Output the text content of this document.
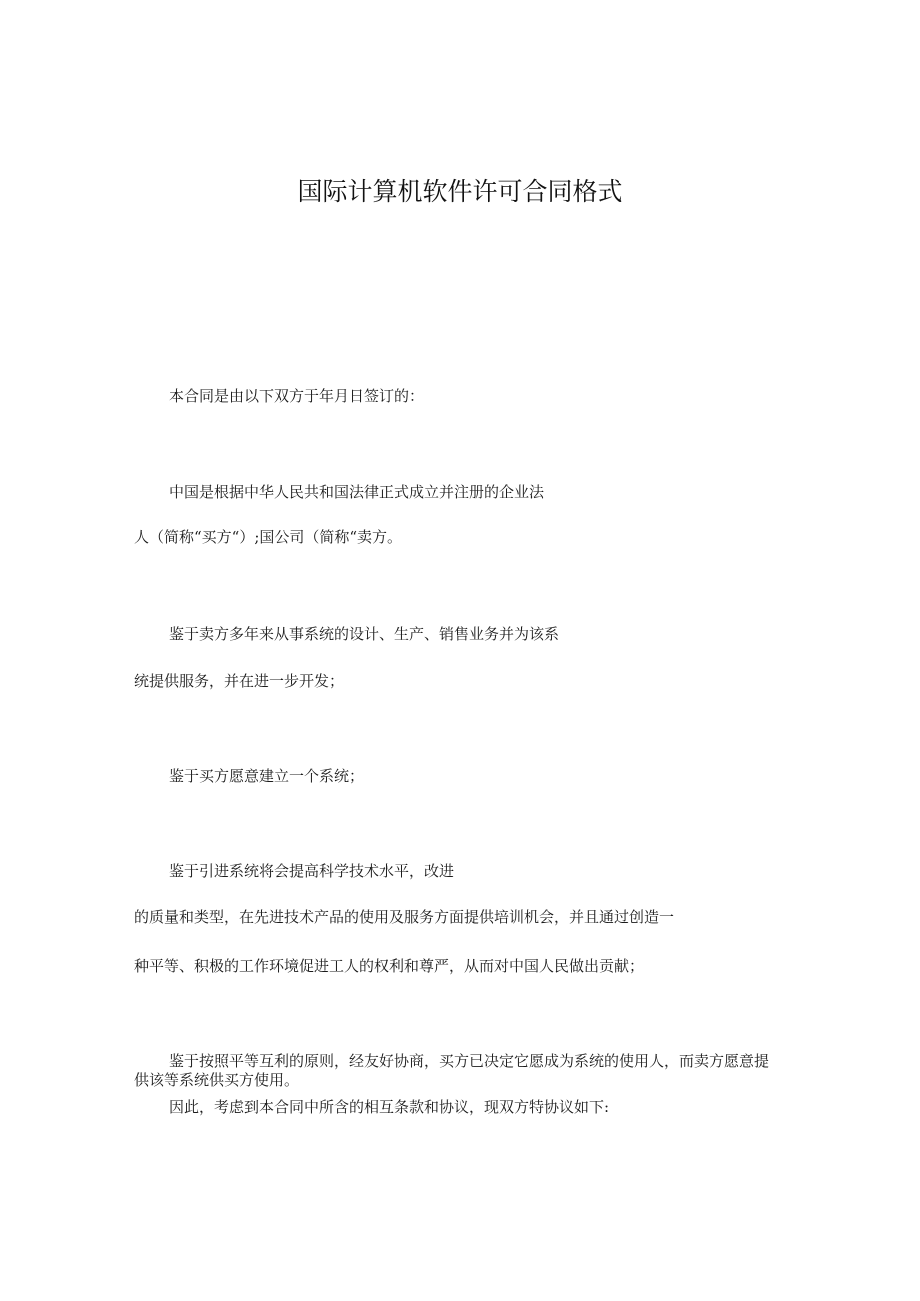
国际计算机软件许可合同格式

本合同是由以下双方于年月日签订的：

中国是根据中华人民共和国法律正式成立并注册的企业法

人（简称“买方“）;国公司（简称“卖方。

鉴于卖方多年来从事系统的设计、生产、销售业务并为该系

统提供服务，并在进一步开发；

鉴于买方愿意建立一个系统；

鉴于引进系统将会提高科学技术水平，改进

的质量和类型，在先进技术产品的使用及服务方面提供培训机会，并且通过创造一

种平等、积极的工作环境促进工人的权利和尊严，从而对中国人民做出贡献；

鉴于按照平等互利的原则，经友好协商，买方已决定它愿成为系统的使用人，而卖方愿意提供该等系统供买方使用。

因此，考虑到本合同中所含的相互条款和协议，现双方特协议如下:
